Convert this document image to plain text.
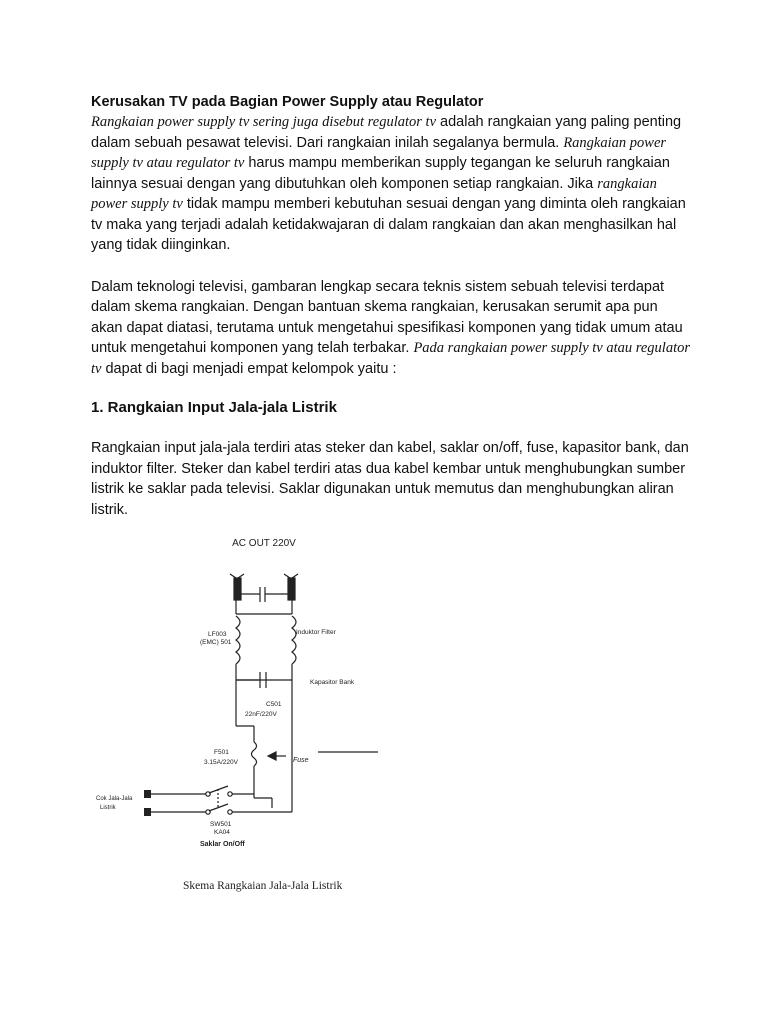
Kerusakan TV pada Bagian Power Supply atau Regulator

Rangkaian power supply tv sering juga disebut regulator tv adalah rangkaian yang paling penting dalam sebuah pesawat televisi. Dari rangkaian inilah segalanya bermula. Rangkaian power supply tv atau regulator tv harus mampu memberikan supply tegangan ke seluruh rangkaian lainnya sesuai dengan yang dibutuhkan oleh komponen setiap rangkaian. Jika rangkaian power supply tv tidak mampu memberi kebutuhan sesuai dengan yang diminta oleh rangkaian tv maka yang terjadi adalah ketidakwajaran di dalam rangkaian dan akan menghasilkan hal yang tidak diinginkan.

Dalam teknologi televisi, gambaran lengkap secara teknis sistem sebuah televisi terdapat dalam skema rangkaian. Dengan bantuan skema rangkaian, kerusakan serumit apa pun akan dapat diatasi, terutama untuk mengetahui spesifikasi komponen yang tidak umum atau untuk mengetahui komponen yang telah terbakar. Pada rangkaian power supply tv atau regulator tv dapat di bagi menjadi empat kelompok yaitu :

1. Rangkaian Input Jala-jala Listrik

Rangkaian input jala-jala terdiri atas steker dan kabel, saklar on/off, fuse, kapasitor bank, dan induktor filter. Steker dan kabel terdiri atas dua kabel kembar untuk menghubungkan sumber listrik ke saklar pada televisi. Saklar digunakan untuk memutus dan menghubungkan aliran listrik.

AC OUT 220V
LF003
(EMC) 501
Induktor Filter
Kapasitor Bank
C501
22nF/220V
F501
3.15A/220V	Fuse
Cok Jala-Jala
Listrik
SW501
KA04
Saklar On/Off
Skema Rangkaian Jala-Jala Listrik
